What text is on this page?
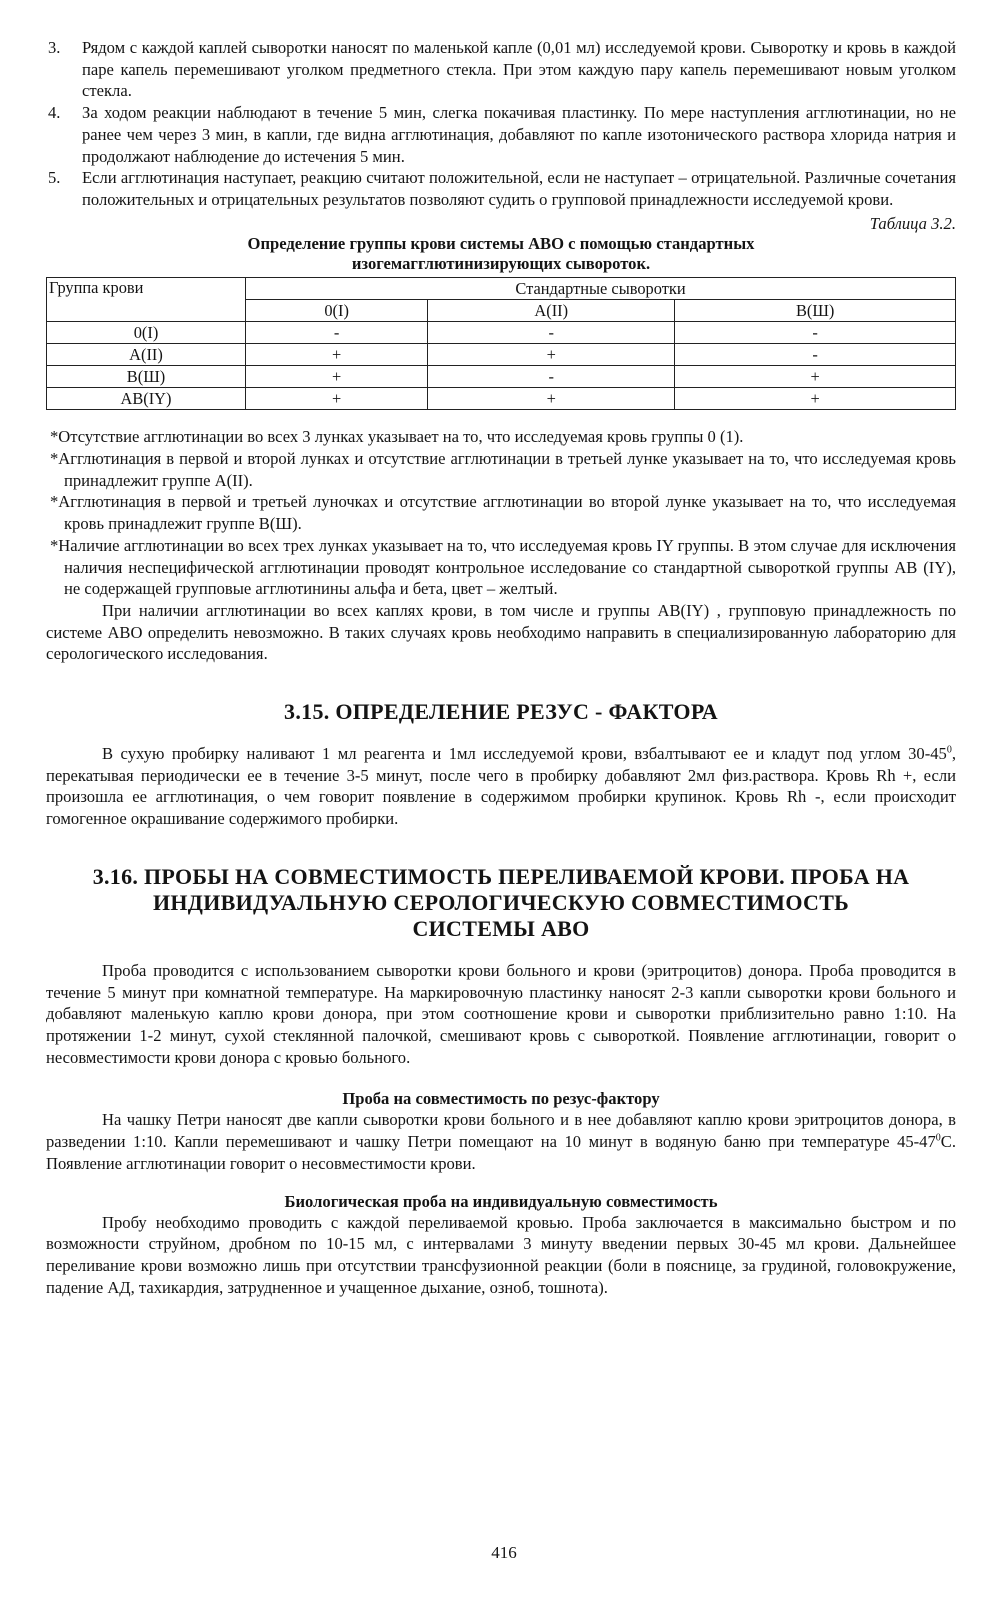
3. Рядом с каждой каплей сыворотки наносят по маленькой капле (0,01 мл) исследуемой крови. Сыворотку и кровь в каждой паре капель перемешивают уголком предметного стекла. При этом каждую пару капель перемешивают новым уголком стекла.
4. За ходом реакции наблюдают в течение 5 мин, слегка покачивая пластинку. По мере наступления агглютинации, но не ранее чем через 3 мин, в капли, где видна агглютинация, добавляют по капле изотонического раствора хлорида натрия и продолжают наблюдение до истечения 5 мин.
5. Если агглютинация наступает, реакцию считают положительной, если не наступает – отрицательной. Различные сочетания положительных и отрицательных результатов позволяют судить о групповой принадлежности исследуемой крови.
Таблица 3.2.
Определение группы крови системы АВО с помощью стандартных
изогемагглютинизирующих сывороток.
Группа крови	Стандартные сыворотки		
	0(I)	А(II)	В(Ш)
0(I)	-	-	-
А(II)	+	+	-
В(Ш)	+	-	+
АВ(IY)	+	+	+
*Отсутствие агглютинации во всех 3 лунках указывает на то, что исследуемая кровь группы 0 (1).
*Агглютинация в первой и второй лунках и отсутствие агглютинации в третьей лунке указывает на то, что исследуемая кровь принадлежит группе А(II).
*Агглютинация в первой и третьей луночках и отсутствие агглютинации во второй лунке указывает на то, что исследуемая кровь принадлежит группе В(Ш).
*Наличие агглютинации во всех трех лунках указывает на то, что исследуемая кровь IY группы. В этом случае для исключения наличия неспецифической агглютинации проводят контрольное исследование со стандартной сывороткой группы АВ (IY), не содержащей групповые агглютинины альфа и бета, цвет – желтый.
При наличии агглютинации во всех каплях крови, в том числе и группы АВ(IY) , групповую принадлежность по системе АВО определить невозможно. В таких случаях кровь необходимо направить в специализированную лабораторию для серологического исследования.
3.15. ОПРЕДЕЛЕНИЕ РЕЗУС - ФАКТОРА
В сухую пробирку наливают 1 мл реагента и 1мл исследуемой крови, взбалтывают ее и кладут под углом $30-45^0$, перекатывая периодически ее в течение 3-5 минут, после чего в пробирку добавляют 2мл физ.раствора. Кровь Rh +, если произошла ее агглютинация, о чем говорит появление в содержимом пробирки крупинок. Кровь Rh -, если происходит гомогенное окрашивание содержимого пробирки.
3.16. ПРОБЫ НА СОВМЕСТИМОСТЬ ПЕРЕЛИВАЕМОЙ КРОВИ. ПРОБА НА
ИНДИВИДУАЛЬНУЮ СЕРОЛОГИЧЕСКУЮ СОВМЕСТИМОСТЬ
СИСТЕМЫ АВО
Проба проводится с использованием сыворотки крови больного и крови (эритроцитов) донора. Проба проводится в течение 5 минут при комнатной температуре. На маркировочную пластинку наносят 2-3 капли сыворотки крови больного и добавляют маленькую каплю крови донора, при этом соотношение крови и сыворотки приблизительно равно 1:10. На протяжении 1-2 минут, сухой стеклянной палочкой, смешивают кровь с сывороткой. Появление агглютинации, говорит о несовместимости крови донора с кровью больного.
Проба на совместимость по резус-фактору
На чашку Петри наносят две капли сыворотки крови больного и в нее добавляют каплю крови эритроцитов донора, в разведении 1:10. Капли перемешивают и чашку Петри помещают на 10 минут в водяную баню при температуре $45-47^0С$. Появление агглютинации говорит о несовместимости крови.
Биологическая проба на индивидуальную совместимость
Пробу необходимо проводить с каждой переливаемой кровью. Проба заключается в максимально быстром и по возможности струйном, дробном по 10-15 мл, с интервалами 3 минуту введении первых 30-45 мл крови. Дальнейшее переливание крови возможно лишь при отсутствии трансфузионной реакции (боли в пояснице, за грудиной, головокружение, падение АД, тахикардия, затрудненное и учащенное дыхание, озноб, тошнота).
416
